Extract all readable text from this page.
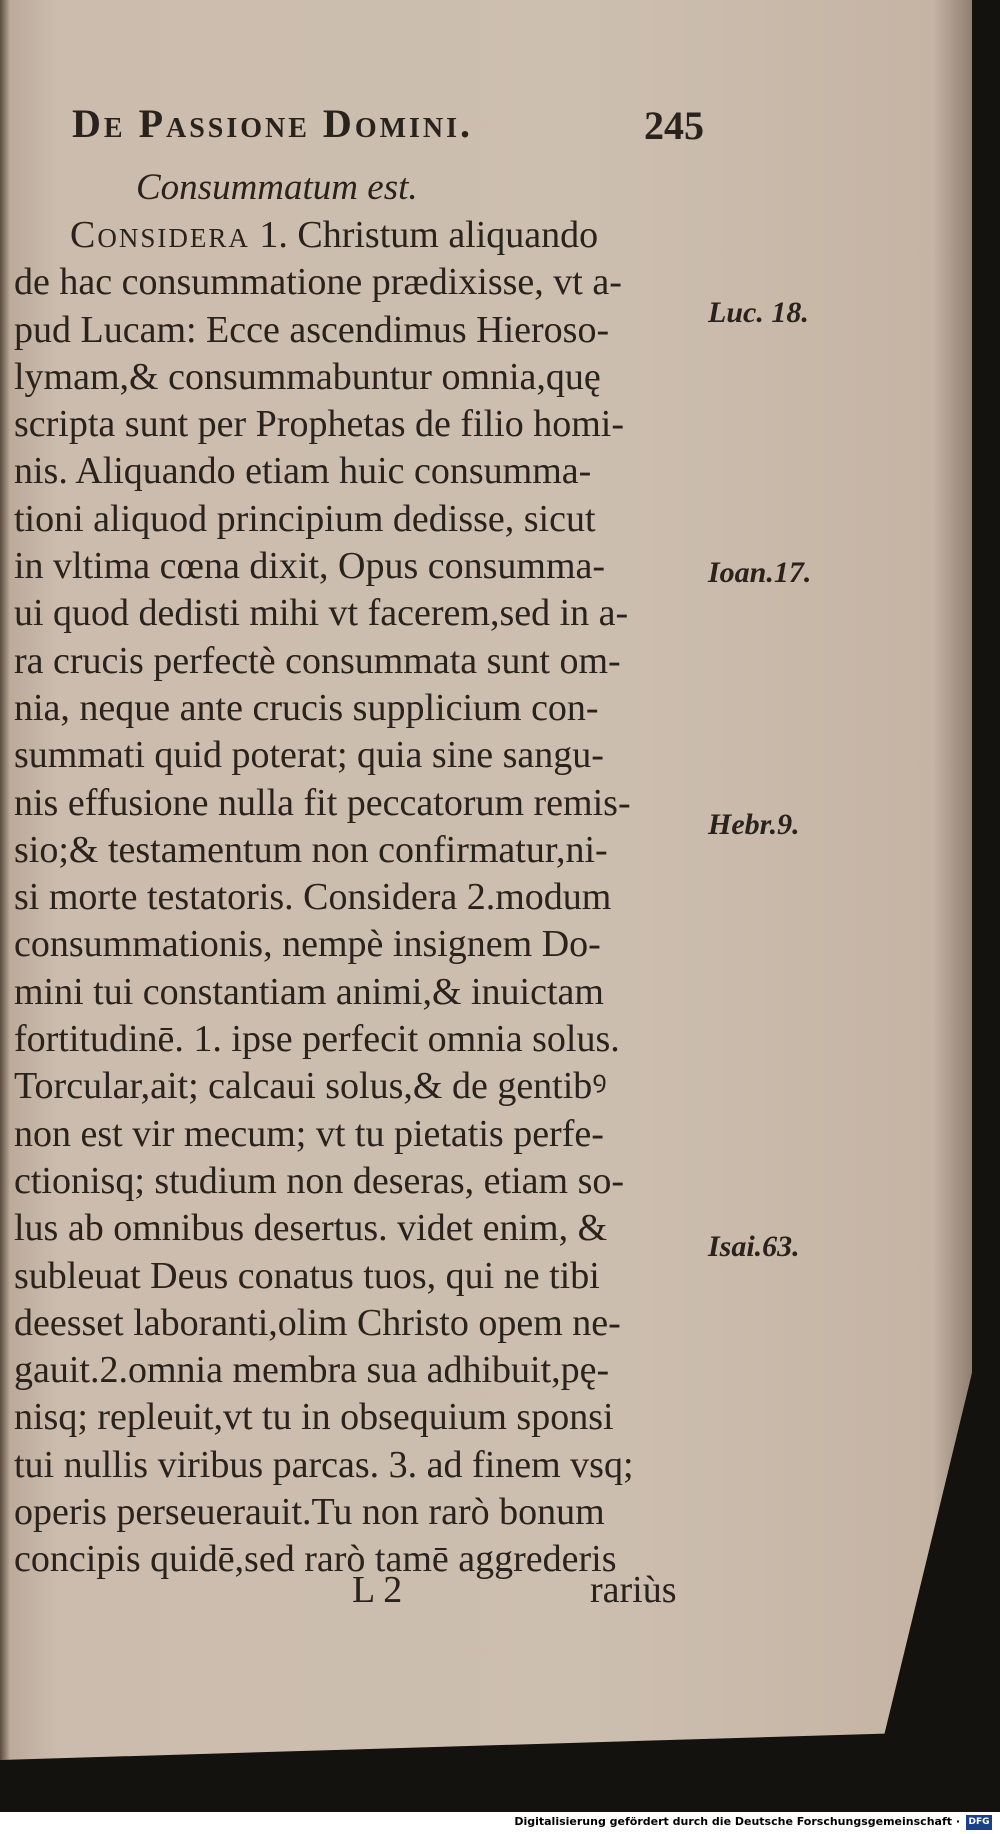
De Passione Domini.	245
Consummatum est.
Considera 1. Christum aliquando
de hac consummatione prædixisse, vt a-
pud Lucam: Ecce ascendimus Hieroso-
lymam,& consummabuntur omnia,quę
scripta sunt per Prophetas de filio homi-
nis. Aliquando etiam huic consumma-
tioni aliquod principium dedisse, sicut
in vltima cœna dixit, Opus consumma-
ui quod dedisti mihi vt facerem,sed in a-
ra crucis perfectè consummata sunt om-
nia, neque ante crucis supplicium con-
summati quid poterat; quia sine sangu-
nis effusione nulla fit peccatorum remis-
sio;& testamentum non confirmatur,ni-
si morte testatoris. Considera 2.modum
consummationis, nempè insignem Do-
mini tui constantiam animi,& inuictam
fortitudinē. 1. ipse perfecit omnia solus.
Torcular,ait; calcaui solus,& de gentibꝰ
non est vir mecum; vt tu pietatis perfe-
ctionisq; studium non deseras, etiam so-
lus ab omnibus desertus. videt enim, &
subleuat Deus conatus tuos, qui ne tibi
deesset laboranti,olim Christo opem ne-
gauit.2.omnia membra sua adhibuit,pę-
nisq; repleuit,vt tu in obsequium sponsi
tui nullis viribus parcas. 3. ad finem vsq;
operis perseuerauit.Tu non rarò bonum
concipis quidē,sed rarò tamē aggrederis
Luc. 18.
Ioan.17.
Hebr.9.
Isai.63.
L 2	rariùs
Digitalisierung gefördert durch die Deutsche Forschungsgemeinschaft · DFG
